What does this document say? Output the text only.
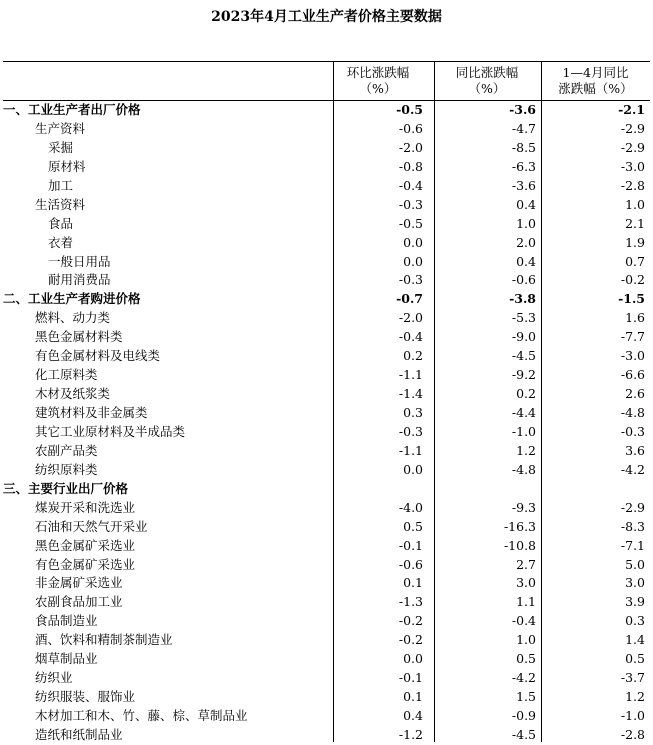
2023年4月工业生产者价格主要数据
环比涨跌幅
（%）
同比涨跌幅
（%）
1—4月同比
涨跌幅（%）
一、工业生产者出厂价格	-0.5	-3.6	-2.1
生产资料	-0.6	-4.7	-2.9
采掘	-2.0	-8.5	-2.9
原材料	-0.8	-6.3	-3.0
加工	-0.4	-3.6	-2.8
生活资料	-0.3	0.4	1.0
食品	-0.5	1.0	2.1
衣着	0.0	2.0	1.9
一般日用品	0.0	0.4	0.7
耐用消费品	-0.3	-0.6	-0.2
二、工业生产者购进价格	-0.7	-3.8	-1.5
燃料、动力类	-2.0	-5.3	1.6
黑色金属材料类	-0.4	-9.0	-7.7
有色金属材料及电线类	0.2	-4.5	-3.0
化工原料类	-1.1	-9.2	-6.6
木材及纸浆类	-1.4	0.2	2.6
建筑材料及非金属类	0.3	-4.4	-4.8
其它工业原材料及半成品类	-0.3	-1.0	-0.3
农副产品类	-1.1	1.2	3.6
纺织原料类	0.0	-4.8	-4.2
三、主要行业出厂价格
煤炭开采和洗选业	-4.0	-9.3	-2.9
石油和天然气开采业	0.5	-16.3	-8.3
黑色金属矿采选业	-0.1	-10.8	-7.1
有色金属矿采选业	-0.6	2.7	5.0
非金属矿采选业	0.1	3.0	3.0
农副食品加工业	-1.3	1.1	3.9
食品制造业	-0.2	-0.4	0.3
酒、饮料和精制茶制造业	-0.2	1.0	1.4
烟草制品业	0.0	0.5	0.5
纺织业	-0.1	-4.2	-3.7
纺织服装、服饰业	0.1	1.5	1.2
木材加工和木、竹、藤、棕、草制品业	0.4	-0.9	-1.0
造纸和纸制品业	-1.2	-4.5	-2.8
